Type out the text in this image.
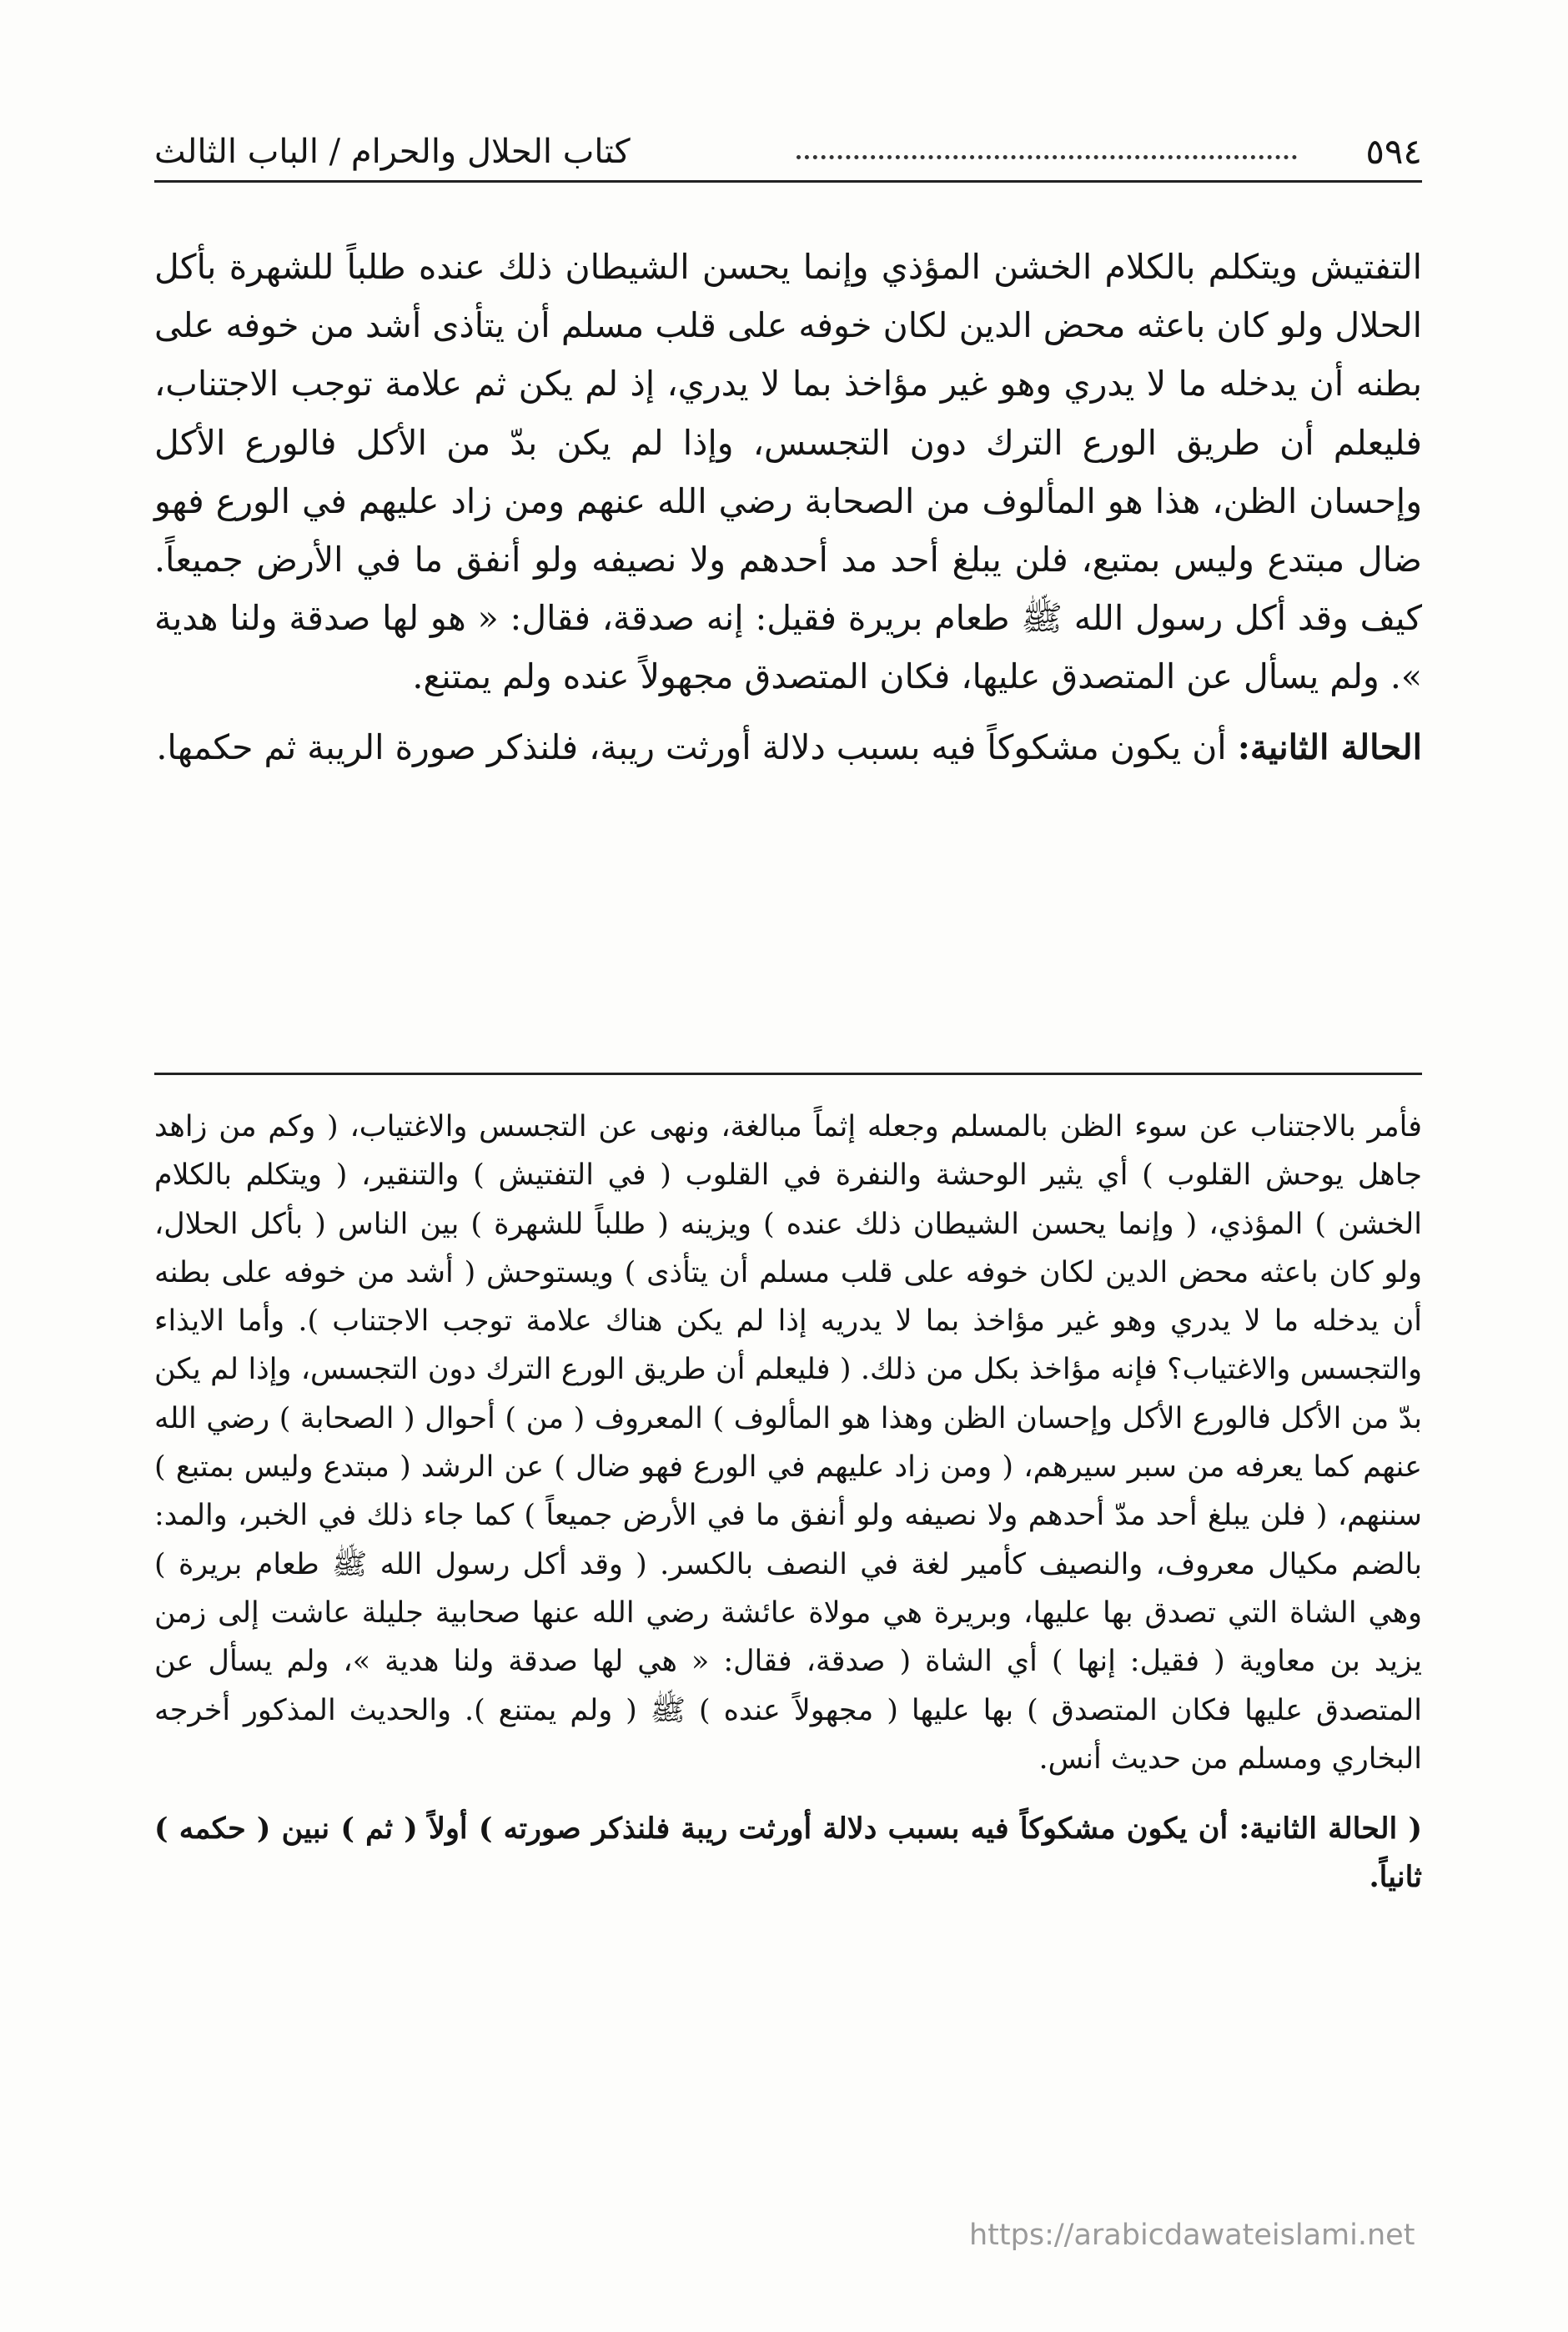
٥٩٤
كتاب الحلال والحرام / الباب الثالث

التفتيش ويتكلم بالكلام الخشن المؤذي وإنما يحسن الشيطان ذلك عنده طلباً للشهرة بأكل الحلال ولو كان باعثه محض الدين لكان خوفه على قلب مسلم أن يتأذى أشد من خوفه على بطنه أن يدخله ما لا يدري وهو غير مؤاخذ بما لا يدري، إذ لم يكن ثم علامة توجب الاجتناب، فليعلم أن طريق الورع الترك دون التجسس، وإذا لم يكن بدّ من الأكل فالورع الأكل وإحسان الظن، هذا هو المألوف من الصحابة رضي الله عنهم ومن زاد عليهم في الورع فهو ضال مبتدع وليس بمتبع، فلن يبلغ أحد مد أحدهم ولا نصيفه ولو أنفق ما في الأرض جميعاً. كيف وقد أكل رسول الله ﷺ طعام بريرة فقيل: إنه صدقة، فقال: « هو لها صدقة ولنا هدية ». ولم يسأل عن المتصدق عليها، فكان المتصدق مجهولاً عنده ولم يمتنع.

الحالة الثانية: أن يكون مشكوكاً فيه بسبب دلالة أورثت ريبة، فلنذكر صورة الريبة ثم حكمها.

فأمر بالاجتناب عن سوء الظن بالمسلم وجعله إثماً مبالغة، ونهى عن التجسس والاغتياب، ( وكم من زاهد جاهل يوحش القلوب ) أي يثير الوحشة والنفرة في القلوب ( في التفتيش ) والتنقير، ( ويتكلم بالكلام الخشن ) المؤذي، ( وإنما يحسن الشيطان ذلك عنده ) ويزينه ( طلباً للشهرة ) بين الناس ( بأكل الحلال، ولو كان باعثه محض الدين لكان خوفه على قلب مسلم أن يتأذى ) ويستوحش ( أشد من خوفه على بطنه أن يدخله ما لا يدري وهو غير مؤاخذ بما لا يدريه إذا لم يكن هناك علامة توجب الاجتناب ). وأما الايذاء والتجسس والاغتياب؟ فإنه مؤاخذ بكل من ذلك. ( فليعلم أن طريق الورع الترك دون التجسس، وإذا لم يكن بدّ من الأكل فالورع الأكل وإحسان الظن وهذا هو المألوف ) المعروف ( من ) أحوال ( الصحابة ) رضي الله عنهم كما يعرفه من سبر سيرهم، ( ومن زاد عليهم في الورع فهو ضال ) عن الرشد ( مبتدع وليس بمتبع ) سننهم، ( فلن يبلغ أحد مدّ أحدهم ولا نصيفه ولو أنفق ما في الأرض جميعاً ) كما جاء ذلك في الخبر، والمد: بالضم مكيال معروف، والنصيف كأمير لغة في النصف بالكسر. ( وقد أكل رسول الله ﷺ طعام بريرة ) وهي الشاة التي تصدق بها عليها، وبريرة هي مولاة عائشة رضي الله عنها صحابية جليلة عاشت إلى زمن يزيد بن معاوية ( فقيل: إنها ) أي الشاة ( صدقة، فقال: « هي لها صدقة ولنا هدية »، ولم يسأل عن المتصدق عليها فكان المتصدق ) بها عليها ( مجهولاً عنده ) ﷺ ( ولم يمتنع ). والحديث المذكور أخرجه البخاري ومسلم من حديث أنس.

( الحالة الثانية: أن يكون مشكوكاً فيه بسبب دلالة أورثت ريبة فلنذكر صورته ) أولاً ( ثم ) نبين ( حكمه ) ثانياً.

https://arabicdawateislami.net
